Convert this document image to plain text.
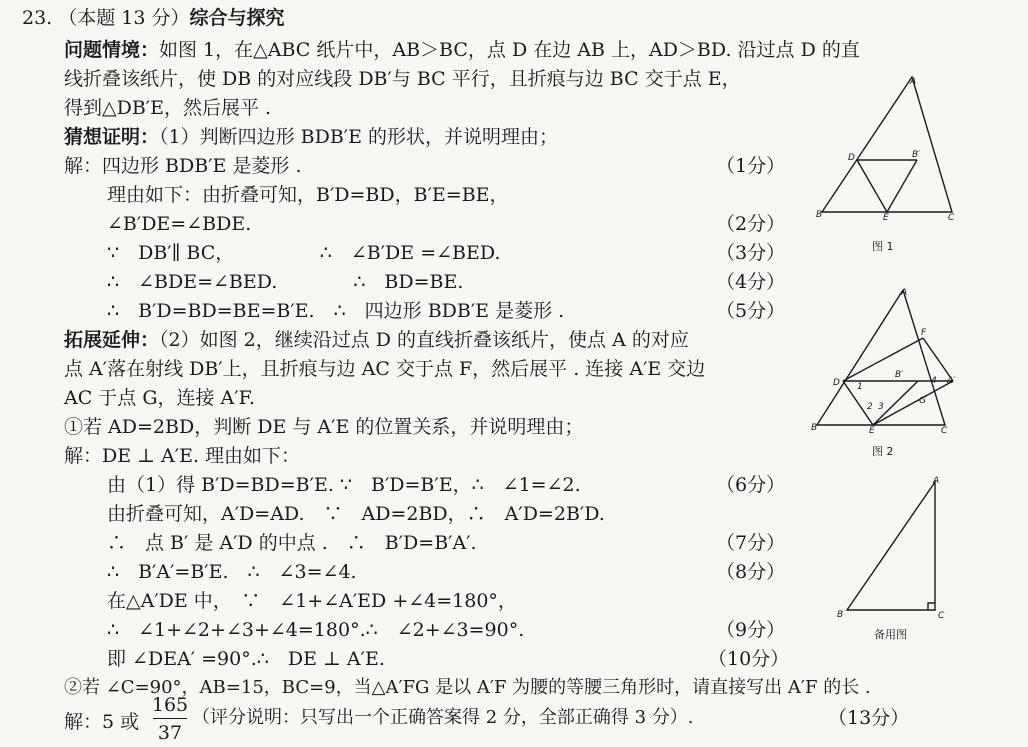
23. （本题 13 分）综合与探究
问题情境：如图 1，在△ABC 纸片中，AB＞BC，点 D 在边 AB 上，AD＞BD. 沿过点 D 的直
线折叠该纸片，使 DB 的对应线段 DB′与 BC 平行，且折痕与边 BC 交于点 E，
得到△DB′E，然后展平 .
猜想证明：（1）判断四边形 BDB′E 的形状，并说明理由；
解：四边形 BDB′E 是菱形 .	（1分）
理由如下：由折叠可知，B′D=BD，B′E=BE，
∠B′DE=∠BDE.	（2分）
∵　DB′∥ BC，　　　　　∴　∠B′DE =∠BED.	（3分）
∴　∠BDE=∠BED.　　　　∴　BD=BE.	（4分）
∴　B′D=BD=BE=B′E.　∴　四边形 BDB′E 是菱形 .	（5分）
拓展延伸：（2）如图 2，继续沿过点 D 的直线折叠该纸片，使点 A 的对应
点 A′落在射线 DB′上，且折痕与边 AC 交于点 F，然后展平 . 连接 A′E 交边
AC 于点 G，连接 A′F.
①若 AD=2BD，判断 DE 与 A′E 的位置关系，并说明理由；
解：DE ⊥ A′E. 理由如下：
由（1）得 B′D=BD=B′E. ∵　B′D=B′E，∴　∠1=∠2.	（6分）
由折叠可知，A′D=AD.　∵　AD=2BD，∴　A′D=2B′D.
∴　点 B′ 是 A′D 的中点 .　∴　B′D=B′A′.	（7分）
∴　B′A′=B′E.　∴　∠3=∠4.	（8分）
在△A′DE 中，　∵　∠1+∠A′ED +∠4=180°，
∴　∠1+∠2+∠3+∠4=180°.∴　∠2+∠3=90°.	（9分）
即 ∠DEA′ =90°.∴　DE ⊥ A′E.	（10分）
②若 ∠C=90°，AB=15，BC=9，当△A′FG 是以 A′F 为腰的等腰三角形时，请直接写出 A′F 的长 .
解：5 或
165
37
（评分说明：只写出一个正确答案得 2 分，全部正确得 3 分）.	（13分）
A
B	C
D	B′
E
图 1
A
B	C
D
E
F
G
B′
A′
1
2 3
4
图 2
A
B	C
备用图
